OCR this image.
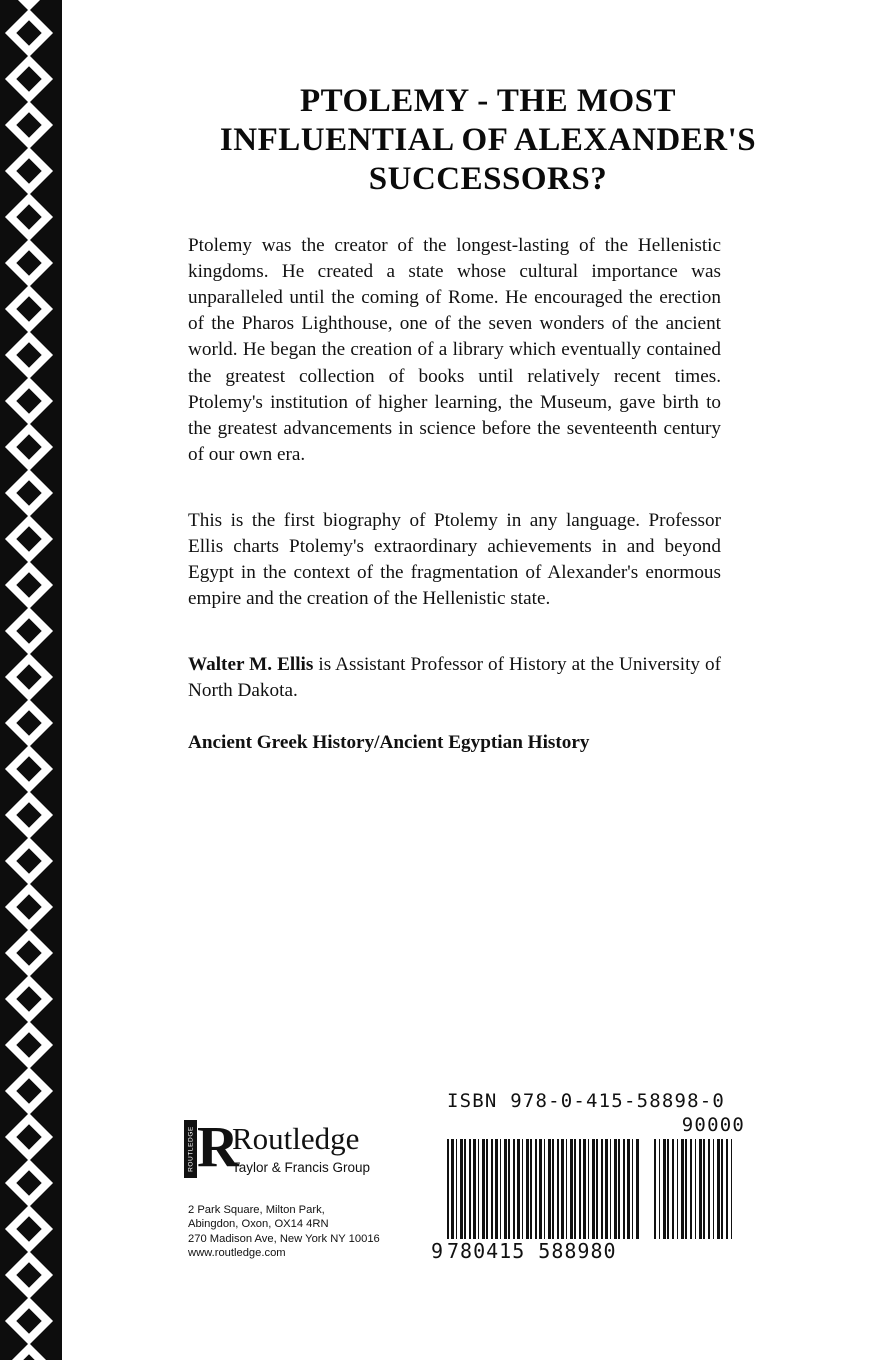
PTOLEMY - THE MOST INFLUENTIAL OF ALEXANDER'S SUCCESSORS?
Ptolemy was the creator of the longest-lasting of the Hellenistic kingdoms. He created a state whose cultural importance was unparalleled until the coming of Rome. He encouraged the erection of the Pharos Lighthouse, one of the seven wonders of the ancient world. He began the creation of a library which eventually contained the greatest collection of books until relatively recent times. Ptolemy's institution of higher learning, the Museum, gave birth to the greatest advancements in science before the seventeenth century of our own era.
This is the first biography of Ptolemy in any language. Professor Ellis charts Ptolemy's extraordinary achievements in and beyond Egypt in the context of the fragmentation of Alexander's enormous empire and the creation of the Hellenistic state.
Walter M. Ellis is Assistant Professor of History at the University of North Dakota.
Ancient Greek History/Ancient Egyptian History
ROUTLEDGE R
Routledge
Taylor & Francis Group
2 Park Square, Milton Park,
Abingdon, Oxon, OX14 4RN
270 Madison Ave, New York NY 10016
www.routledge.com
ISBN 978-0-415-58898-0
90000
9 780415 588980
